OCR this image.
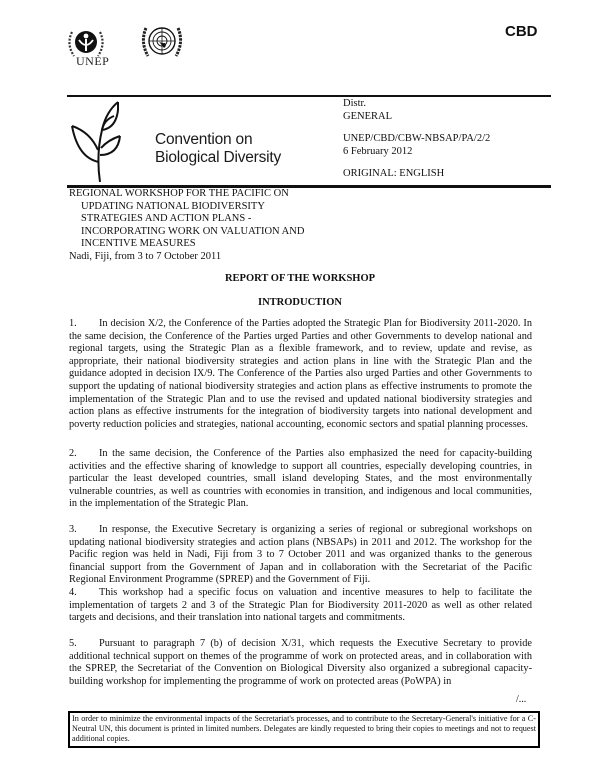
UNEP
CBD
Convention on
Biological Diversity
Distr.
GENERAL
UNEP/CBD/CBW-NBSAP/PA/2/2
6 February 2012
ORIGINAL: ENGLISH
REGIONAL WORKSHOP FOR THE PACIFIC ON
UPDATING NATIONAL BIODIVERSITY
STRATEGIES AND ACTION PLANS -
INCORPORATING WORK ON VALUATION AND
INCENTIVE MEASURES
Nadi, Fiji, from 3 to 7 October 2011
REPORT OF THE WORKSHOP
INTRODUCTION
1. In decision X/2, the Conference of the Parties adopted the Strategic Plan for Biodiversity 2011-2020. In the same decision, the Conference of the Parties urged Parties and other Governments to develop national and regional targets, using the Strategic Plan as a flexible framework, and to review, update and revise, as appropriate, their national biodiversity strategies and action plans in line with the Strategic Plan and the guidance adopted in decision IX/9. The Conference of the Parties also urged Parties and other Governments to support the updating of national biodiversity strategies and action plans as effective instruments to promote the implementation of the Strategic Plan and to use the revised and updated national biodiversity strategies and action plans as effective instruments for the integration of biodiversity targets into national development and poverty reduction policies and strategies, national accounting, economic sectors and spatial planning processes.
2. In the same decision, the Conference of the Parties also emphasized the need for capacity-building activities and the effective sharing of knowledge to support all countries, especially developing countries, in particular the least developed countries, small island developing States, and the most environmentally vulnerable countries, as well as countries with economies in transition, and indigenous and local communities, in the implementation of the Strategic Plan.
3. In response, the Executive Secretary is organizing a series of regional or subregional workshops on updating national biodiversity strategies and action plans (NBSAPs) in 2011 and 2012. The workshop for the Pacific region was held in Nadi, Fiji from 3 to 7 October 2011 and was organized thanks to the generous financial support from the Government of Japan and in collaboration with the Secretariat of the Pacific Regional Environment Programme (SPREP) and the Government of Fiji.
4. This workshop had a specific focus on valuation and incentive measures to help to facilitate the implementation of targets 2 and 3 of the Strategic Plan for Biodiversity 2011-2020 as well as other related targets and decisions, and their translation into national targets and commitments.
5. Pursuant to paragraph 7 (b) of decision X/31, which requests the Executive Secretary to provide additional technical support on themes of the programme of work on protected areas, and in collaboration with the SPREP, the Secretariat of the Convention on Biological Diversity also organized a subregional capacity-building workshop for implementing the programme of work on protected areas (PoWPA) in
/...
In order to minimize the environmental impacts of the Secretariat's processes, and to contribute to the Secretary-General's initiative for a C-Neutral UN, this document is printed in limited numbers. Delegates are kindly requested to bring their copies to meetings and not to request additional copies.
